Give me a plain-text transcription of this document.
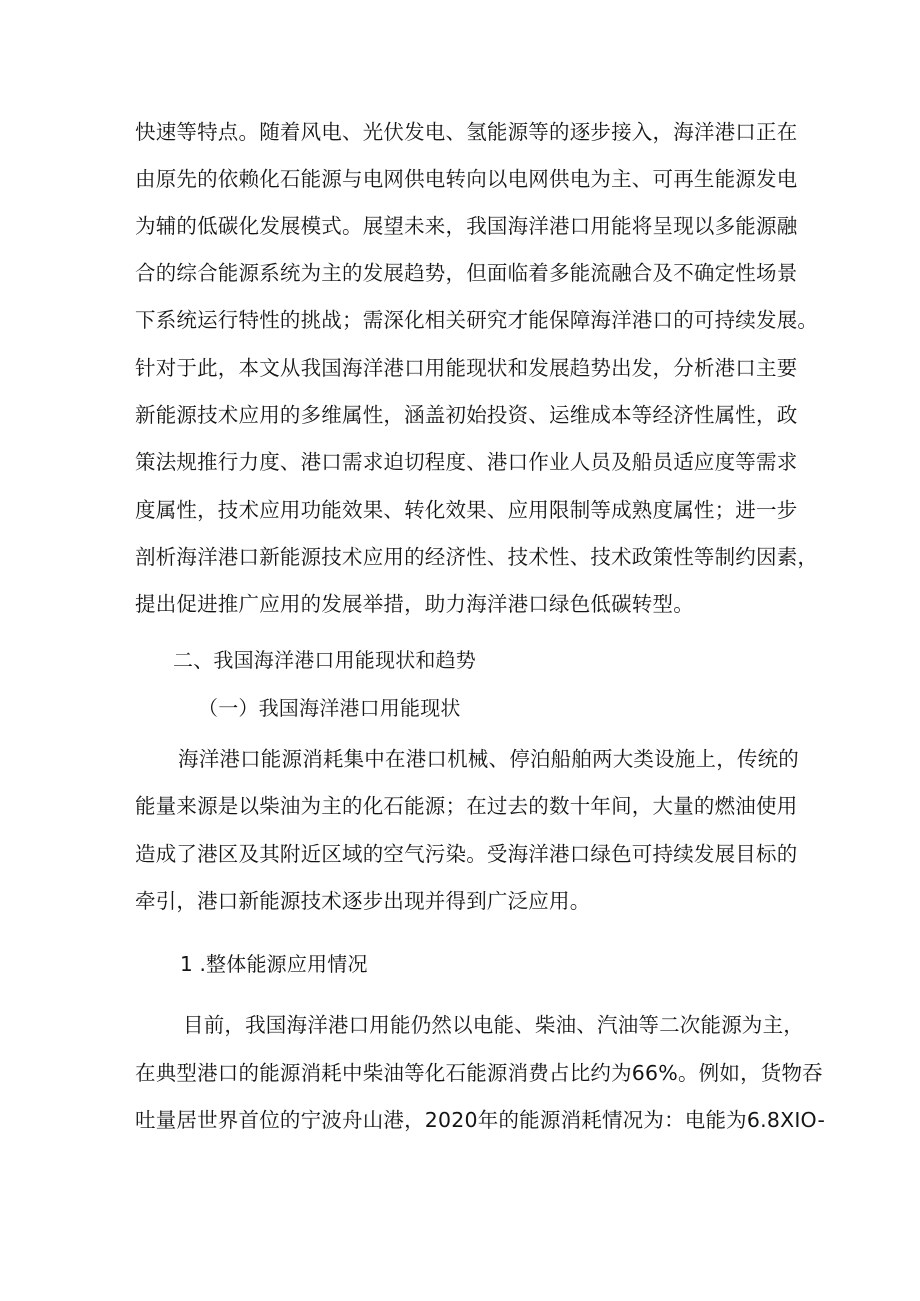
快速等特点。随着风电、光伏发电、氢能源等的逐步接入，海洋港口正在
由原先的依赖化石能源与电网供电转向以电网供电为主、可再生能源发电
为辅的低碳化发展模式。展望未来，我国海洋港口用能将呈现以多能源融
合的综合能源系统为主的发展趋势，但面临着多能流融合及不确定性场景
下系统运行特性的挑战；需深化相关研究才能保障海洋港口的可持续发展。
针对于此，本文从我国海洋港口用能现状和发展趋势出发，分析港口主要
新能源技术应用的多维属性，涵盖初始投资、运维成本等经济性属性，政
策法规推行力度、港口需求迫切程度、港口作业人员及船员适应度等需求
度属性，技术应用功能效果、转化效果、应用限制等成熟度属性；进一步
剖析海洋港口新能源技术应用的经济性、技术性、技术政策性等制约因素，
提出促进推广应用的发展举措，助力海洋港口绿色低碳转型。
二、我国海洋港口用能现状和趋势
（一）我国海洋港口用能现状
海洋港口能源消耗集中在港口机械、停泊船舶两大类设施上，传统的
能量来源是以柴油为主的化石能源；在过去的数十年间，大量的燃油使用
造成了港区及其附近区域的空气污染。受海洋港口绿色可持续发展目标的
牵引，港口新能源技术逐步出现并得到广泛应用。
1 .整体能源应用情况
目前，我国海洋港口用能仍然以电能、柴油、汽油等二次能源为主，
在典型港口的能源消耗中柴油等化石能源消费占比约为66%。例如，货物吞
吐量居世界首位的宁波舟山港，2020年的能源消耗情况为：电能为6.8XIO-
